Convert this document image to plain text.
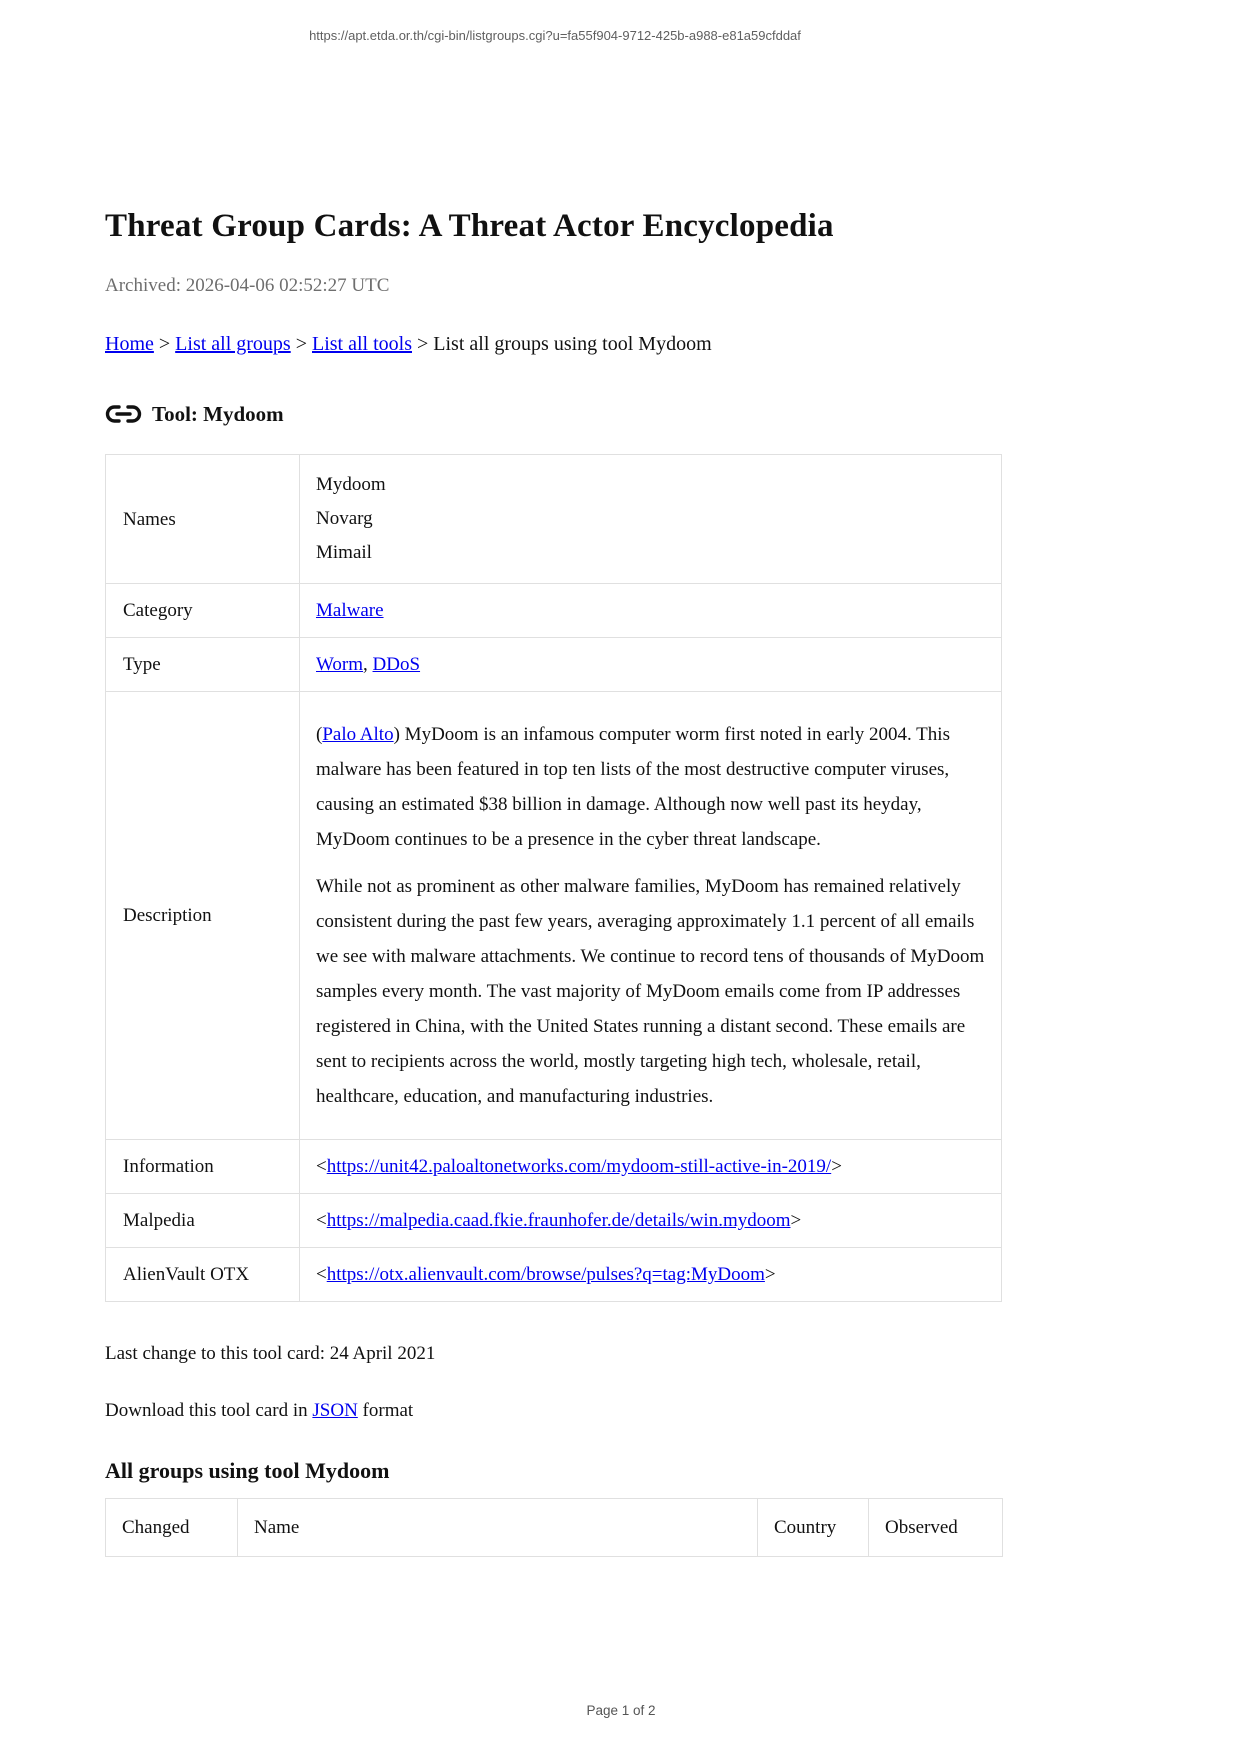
https://apt.etda.or.th/cgi-bin/listgroups.cgi?u=fa55f904-9712-425b-a988-e81a59cfddaf
Threat Group Cards: A Threat Actor Encyclopedia

Archived: 2026-04-06 02:52:27 UTC

Home > List all groups > List all tools > List all groups using tool Mydoom

Tool: Mydoom
Names	Mydoom
Novarg
Mimail

Category	Malware
Type	Worm, DDoS
Description	(Palo Alto) MyDoom is an infamous computer worm first noted in early 2004. This malware has been featured in top ten lists of the most destructive computer viruses, causing an estimated $38 billion in damage. Although now well past its heyday, MyDoom continues to be a presence in the cyber threat landscape.

While not as prominent as other malware families, MyDoom has remained relatively consistent during the past few years, averaging approximately 1.1 percent of all emails we see with malware attachments. We continue to record tens of thousands of MyDoom samples every month. The vast majority of MyDoom emails come from IP addresses registered in China, with the United States running a distant second. These emails are sent to recipients across the world, mostly targeting high tech, wholesale, retail, healthcare, education, and manufacturing industries.

Information	<https://unit42.paloaltonetworks.com/mydoom-still-active-in-2019/>
Malpedia	<https://malpedia.caad.fkie.fraunhofer.de/details/win.mydoom>
AlienVault OTX	<https://otx.alienvault.com/browse/pulses?q=tag:MyDoom>

Last change to this tool card: 24 April 2021

Download this tool card in JSON format

All groups using tool Mydoom
Changed	Name	Country	Observed
Page 1 of 2
